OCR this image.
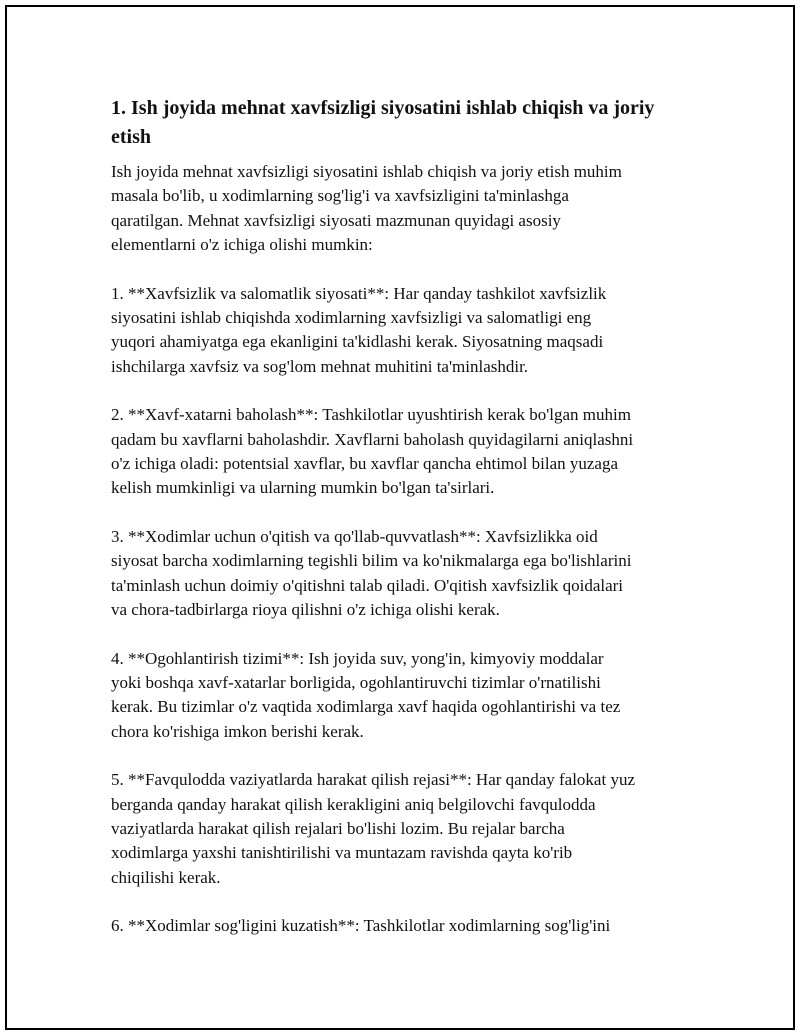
1. Ish joyida mehnat xavfsizligi siyosatini ishlab chiqish va joriy etish

Ish joyida mehnat xavfsizligi siyosatini ishlab chiqish va joriy etish muhim
masala bo'lib, u xodimlarning sog'lig'i va xavfsizligini ta'minlashga
qaratilgan. Mehnat xavfsizligi siyosati mazmunan quyidagi asosiy
elementlarni o'z ichiga olishi mumkin:

1. **Xavfsizlik va salomatlik siyosati**: Har qanday tashkilot xavfsizlik
siyosatini ishlab chiqishda xodimlarning xavfsizligi va salomatligi eng
yuqori ahamiyatga ega ekanligini ta'kidlashi kerak. Siyosatning maqsadi
ishchilarga xavfsiz va sog'lom mehnat muhitini ta'minlashdir.

2. **Xavf-xatarni baholash**: Tashkilotlar uyushtirish kerak bo'lgan muhim
qadam bu xavflarni baholashdir. Xavflarni baholash quyidagilarni aniqlashni
o'z ichiga oladi: potentsial xavflar, bu xavflar qancha ehtimol bilan yuzaga
kelish mumkinligi va ularning mumkin bo'lgan ta'sirlari.

3. **Xodimlar uchun o'qitish va qo'llab-quvvatlash**: Xavfsizlikka oid
siyosat barcha xodimlarning tegishli bilim va ko'nikmalarga ega bo'lishlarini
ta'minlash uchun doimiy o'qitishni talab qiladi. O'qitish xavfsizlik qoidalari
va chora-tadbirlarga rioya qilishni o'z ichiga olishi kerak.

4. **Ogohlantirish tizimi**: Ish joyida suv, yong'in, kimyoviy moddalar
yoki boshqa xavf-xatarlar borligida, ogohlantiruvchi tizimlar o'rnatilishi
kerak. Bu tizimlar o'z vaqtida xodimlarga xavf haqida ogohlantirishi va tez
chora ko'rishiga imkon berishi kerak.

5. **Favqulodda vaziyatlarda harakat qilish rejasi**: Har qanday falokat yuz
berganda qanday harakat qilish kerakligini aniq belgilovchi favqulodda
vaziyatlarda harakat qilish rejalari bo'lishi lozim. Bu rejalar barcha
xodimlarga yaxshi tanishtirilishi va muntazam ravishda qayta ko'rib
chiqilishi kerak.

6. **Xodimlar sog'ligini kuzatish**: Tashkilotlar xodimlarning sog'lig'ini
